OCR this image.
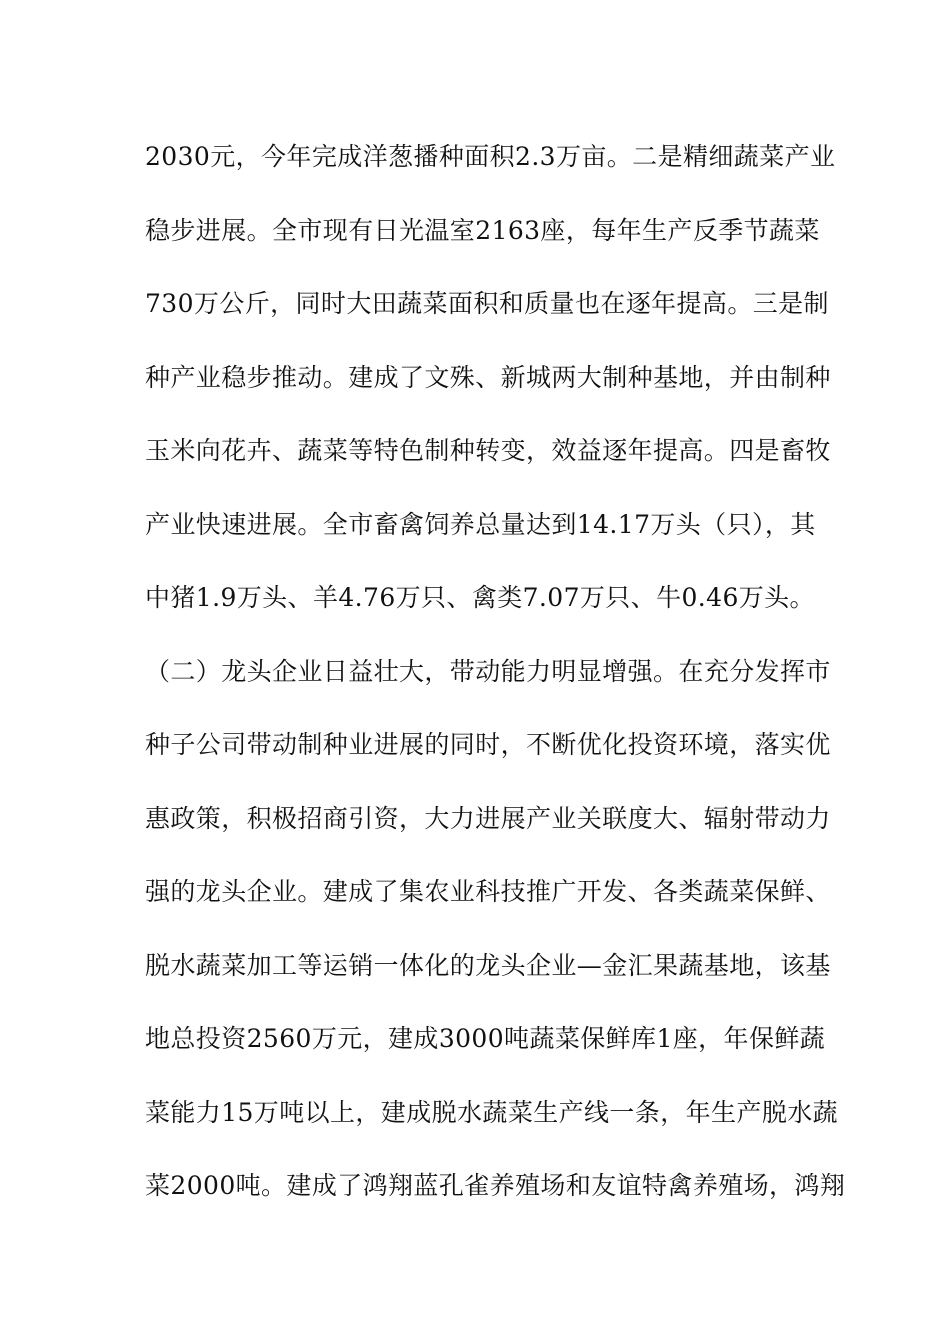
2030元，今年完成洋葱播种面积2.3万亩。二是精细蔬菜产业
稳步进展。全市现有日光温室2163座，每年生产反季节蔬菜
730万公斤，同时大田蔬菜面积和质量也在逐年提高。三是制
种产业稳步推动。建成了文殊、新城两大制种基地，并由制种
玉米向花卉、蔬菜等特色制种转变，效益逐年提高。四是畜牧
产业快速进展。全市畜禽饲养总量达到14.17万头（只），其
中猪1.9万头、羊4.76万只、禽类7.07万只、牛0.46万头。
（二）龙头企业日益壮大，带动能力明显增强。在充分发挥市
种子公司带动制种业进展的同时，不断优化投资环境，落实优
惠政策，积极招商引资，大力进展产业关联度大、辐射带动力
强的龙头企业。建成了集农业科技推广开发、各类蔬菜保鲜、
脱水蔬菜加工等运销一体化的龙头企业—金汇果蔬基地，该基
地总投资2560万元，建成3000吨蔬菜保鲜库1座，年保鲜蔬
菜能力15万吨以上，建成脱水蔬菜生产线一条，年生产脱水蔬
菜2000吨。建成了鸿翔蓝孔雀养殖场和友谊特禽养殖场，鸿翔
